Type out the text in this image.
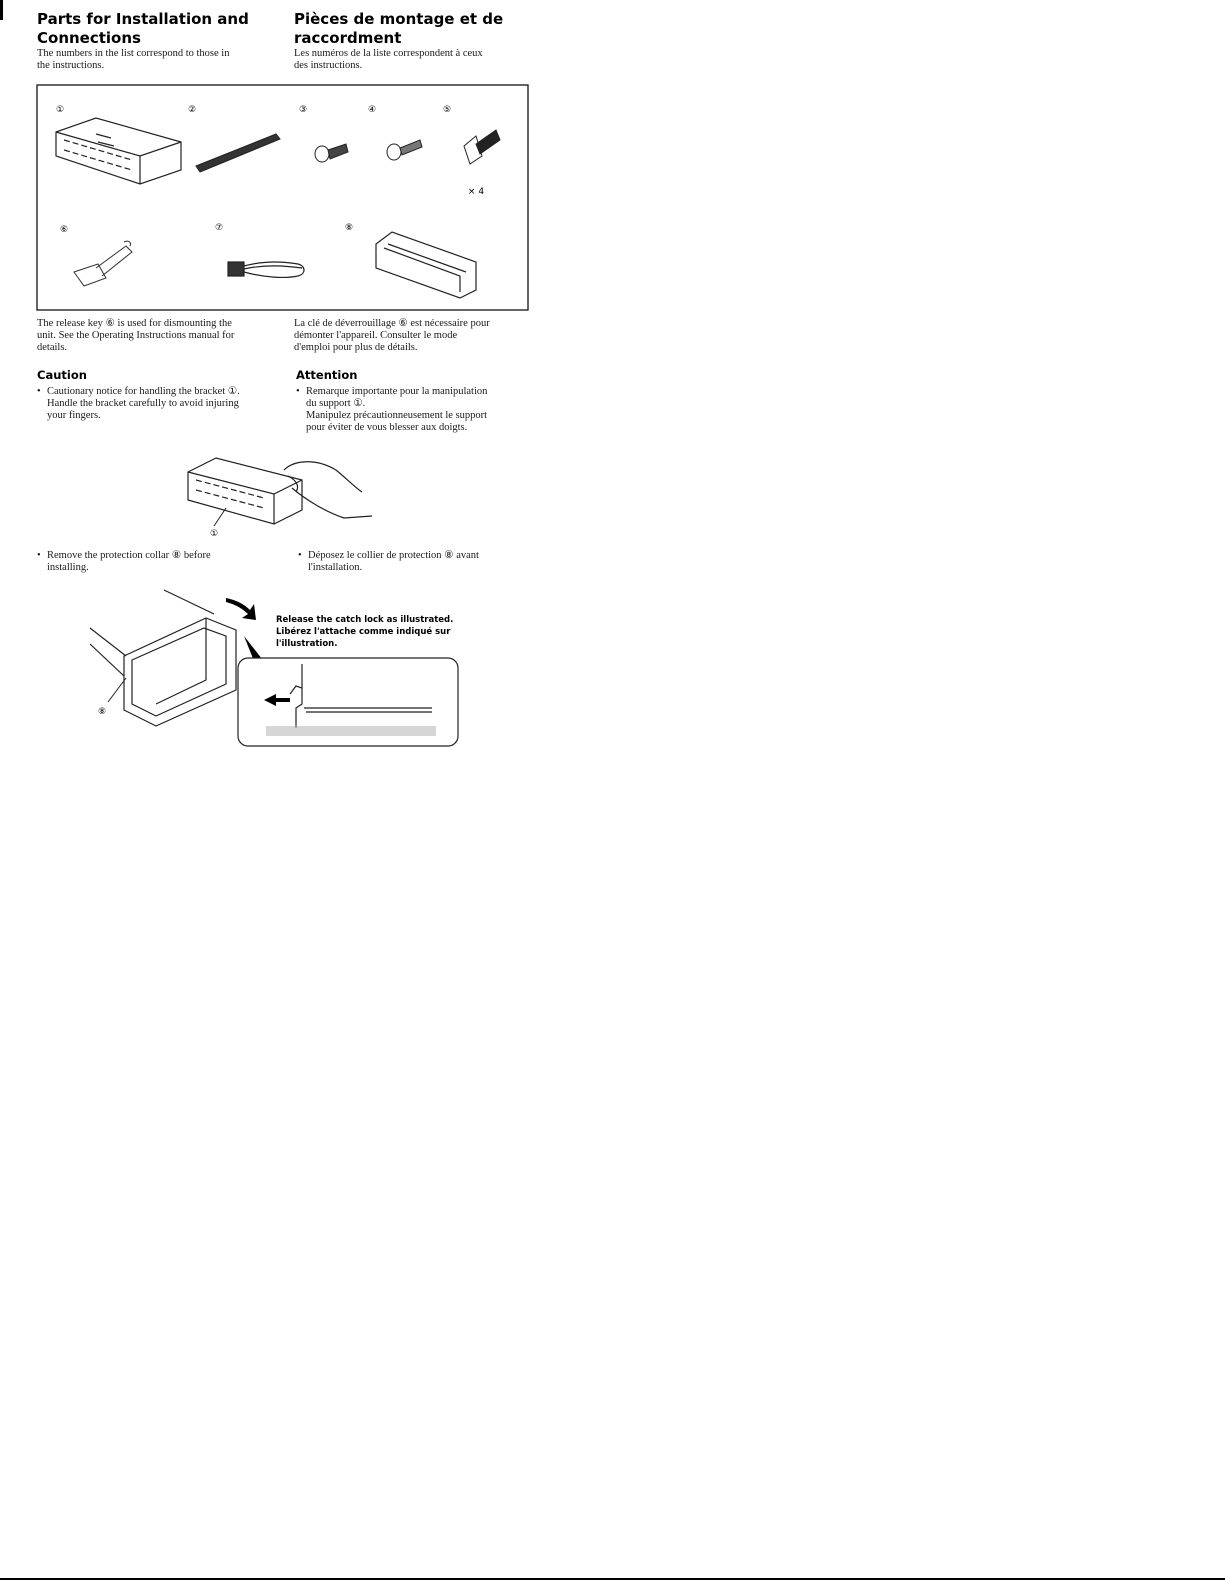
Parts for Installation and
Connections
The numbers in the list correspond to those in
the instructions.
Pièces de montage et de
raccordment
Les numéros de la liste correspondent à ceux
des instructions.
①	②	③	④	⑤
⑥	⑦	⑧
× 4
The release key ⑥ is used for dismounting the
unit. See the Operating Instructions manual for
details.
La clé de déverrouillage ⑥ est nécessaire pour
démonter l'appareil. Consulter le mode
d'emploi pour plus de détails.
Caution
• Cautionary notice for handling the bracket ①.
Handle the bracket carefully to avoid injuring
your fingers.
Attention
• Remarque importante pour la manipulation
du support ①.
Manipulez précautionneusement le support
pour éviter de vous blesser aux doigts.
①
• Remove the protection collar ⑧ before
installing.
• Déposez le collier de protection ⑧ avant
l'installation.
⑧
Release the catch lock as illustrated.
Libérez l'attache comme indiqué sur
l'illustration.
